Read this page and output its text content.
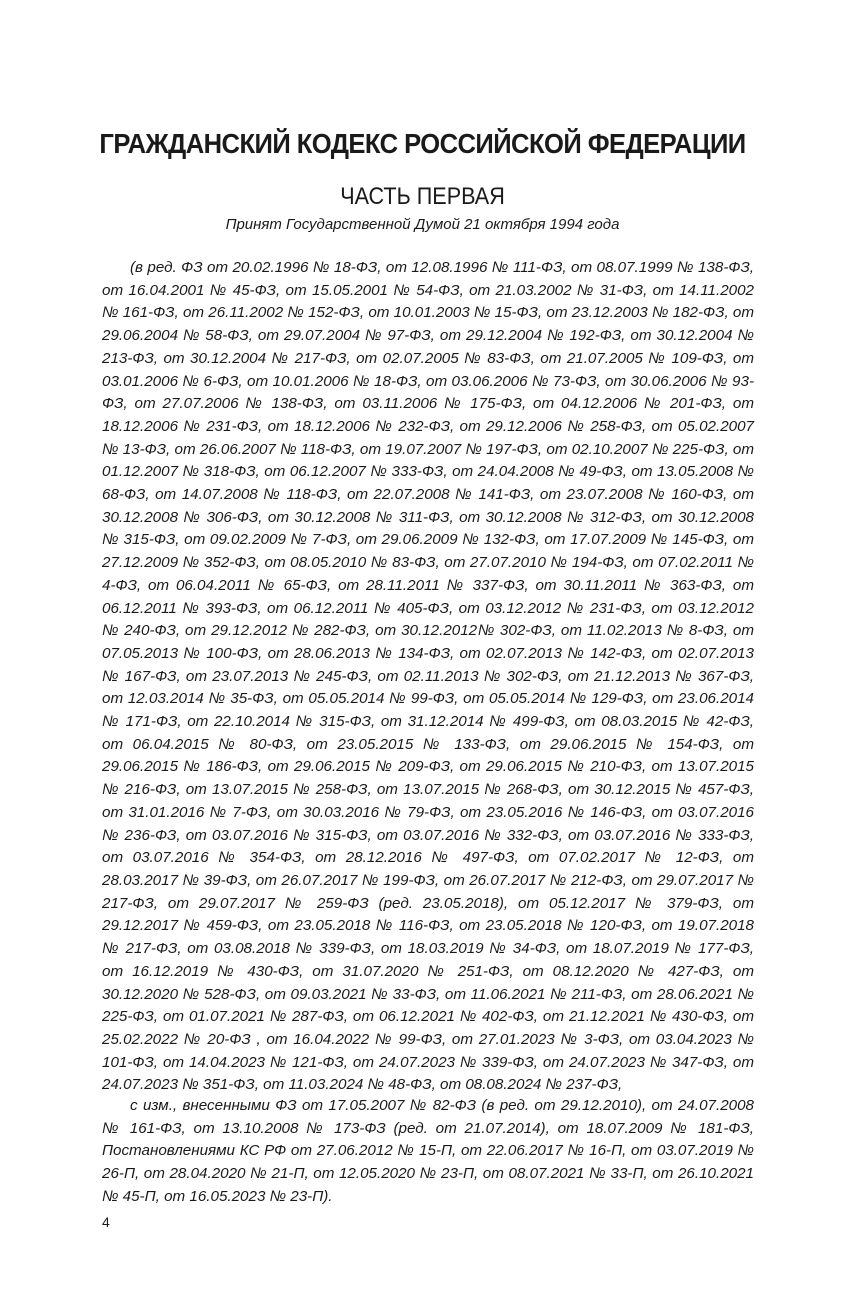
ГРАЖДАНСКИЙ КОДЕКС РОССИЙСКОЙ ФЕДЕРАЦИИ
ЧАСТЬ ПЕРВАЯ
Принят Государственной Думой 21 октября 1994 года

(в ред. ФЗ от 20.02.1996 № 18-ФЗ, от 12.08.1996 № 111-ФЗ, от 08.07.1999 № 138-ФЗ, от 16.04.2001 № 45-ФЗ, от 15.05.2001 № 54-ФЗ, от 21.03.2002 № 31-ФЗ, от 14.11.2002 № 161-ФЗ, от 26.11.2002 № 152-ФЗ, от 10.01.2003 № 15-ФЗ, от 23.12.2003 № 182-ФЗ, от 29.06.2004 № 58-ФЗ, от 29.07.2004 № 97-ФЗ, от 29.12.2004 № 192-ФЗ, от 30.12.2004 № 213-ФЗ, от 30.12.2004 № 217-ФЗ, от 02.07.2005 № 83-ФЗ, от 21.07.2005 № 109-ФЗ, от 03.01.2006 № 6-ФЗ, от 10.01.2006 № 18-ФЗ, от 03.06.2006 № 73-ФЗ, от 30.06.2006 № 93-ФЗ, от 27.07.2006 № 138-ФЗ, от 03.11.2006 № 175-ФЗ, от 04.12.2006 № 201-ФЗ, от 18.12.2006 № 231-ФЗ, от 18.12.2006 № 232-ФЗ, от 29.12.2006 № 258-ФЗ, от 05.02.2007 № 13-ФЗ, от 26.06.2007 № 118-ФЗ, от 19.07.2007 № 197-ФЗ, от 02.10.2007 № 225-ФЗ, от 01.12.2007 № 318-ФЗ, от 06.12.2007 № 333-ФЗ, от 24.04.2008 № 49-ФЗ, от 13.05.2008 № 68-ФЗ, от 14.07.2008 № 118-ФЗ, от 22.07.2008 № 141-ФЗ, от 23.07.2008 № 160-ФЗ, от 30.12.2008 № 306-ФЗ, от 30.12.2008 № 311-ФЗ, от 30.12.2008 № 312-ФЗ, от 30.12.2008 № 315-ФЗ, от 09.02.2009 № 7-ФЗ, от 29.06.2009 № 132-ФЗ, от 17.07.2009 № 145-ФЗ, от 27.12.2009 № 352-ФЗ, от 08.05.2010 № 83-ФЗ, от 27.07.2010 № 194-ФЗ, от 07.02.2011 № 4-ФЗ, от 06.04.2011 № 65-ФЗ, от 28.11.2011 № 337-ФЗ, от 30.11.2011 № 363-ФЗ, от 06.12.2011 № 393-ФЗ, от 06.12.2011 № 405-ФЗ, от 03.12.2012 № 231-ФЗ, от 03.12.2012 № 240-ФЗ, от 29.12.2012 № 282-ФЗ, от 30.12.2012№ 302-ФЗ, от 11.02.2013 № 8-ФЗ, от 07.05.2013 № 100-ФЗ, от 28.06.2013 № 134-ФЗ, от 02.07.2013 № 142-ФЗ, от 02.07.2013 № 167-ФЗ, от 23.07.2013 № 245-ФЗ, от 02.11.2013 № 302-ФЗ, от 21.12.2013 № 367-ФЗ, от 12.03.2014 № 35-ФЗ, от 05.05.2014 № 99-ФЗ, от 05.05.2014 № 129-ФЗ, от 23.06.2014 № 171-ФЗ, от 22.10.2014 № 315-ФЗ, от 31.12.2014 № 499-ФЗ, от 08.03.2015 № 42-ФЗ, от 06.04.2015 № 80-ФЗ, от 23.05.2015 № 133-ФЗ, от 29.06.2015 № 154-ФЗ, от 29.06.2015 № 186-ФЗ, от 29.06.2015 № 209-ФЗ, от 29.06.2015 № 210-ФЗ, от 13.07.2015 № 216-ФЗ, от 13.07.2015 № 258-ФЗ, от 13.07.2015 № 268-ФЗ, от 30.12.2015 № 457-ФЗ, от 31.01.2016 № 7-ФЗ, от 30.03.2016 № 79-ФЗ, от 23.05.2016 № 146-ФЗ, от 03.07.2016 № 236-ФЗ, от 03.07.2016 № 315-ФЗ, от 03.07.2016 № 332-ФЗ, от 03.07.2016 № 333-ФЗ, от 03.07.2016 № 354-ФЗ, от 28.12.2016 № 497-ФЗ, от 07.02.2017 № 12-ФЗ, от 28.03.2017 № 39-ФЗ, от 26.07.2017 № 199-ФЗ, от 26.07.2017 № 212-ФЗ, от 29.07.2017 № 217-ФЗ, от 29.07.2017 № 259-ФЗ (ред. 23.05.2018), от 05.12.2017 № 379-ФЗ, от 29.12.2017 № 459-ФЗ, от 23.05.2018 № 116-ФЗ, от 23.05.2018 № 120-ФЗ, от 19.07.2018 № 217-ФЗ, от 03.08.2018 № 339-ФЗ, от 18.03.2019 № 34-ФЗ, от 18.07.2019 № 177-ФЗ, от 16.12.2019 № 430-ФЗ, от 31.07.2020 № 251-ФЗ, от 08.12.2020 № 427-ФЗ, от 30.12.2020 № 528-ФЗ, от 09.03.2021 № 33-ФЗ, от 11.06.2021 № 211-ФЗ, от 28.06.2021 № 225-ФЗ, от 01.07.2021 № 287-ФЗ, от 06.12.2021 № 402-ФЗ, от 21.12.2021 № 430-ФЗ, от 25.02.2022 № 20-ФЗ , от 16.04.2022 № 99-ФЗ, от 27.01.2023 № 3-ФЗ, от 03.04.2023 № 101-ФЗ, от 14.04.2023 № 121-ФЗ, от 24.07.2023 № 339-ФЗ, от 24.07.2023 № 347-ФЗ, от 24.07.2023 № 351-ФЗ, от 11.03.2024 № 48-ФЗ, от 08.08.2024 № 237-ФЗ,

с изм., внесенными ФЗ от 17.05.2007 № 82-ФЗ (в ред. от 29.12.2010), от 24.07.2008 № 161-ФЗ, от 13.10.2008 № 173-ФЗ (ред. от 21.07.2014), от 18.07.2009 № 181-ФЗ, Постановлениями КС РФ от 27.06.2012 № 15-П, от 22.06.2017 № 16-П, от 03.07.2019 № 26-П, от 28.04.2020 № 21-П, от 12.05.2020 № 23-П, от 08.07.2021 № 33-П, от 26.10.2021 № 45-П, от 16.05.2023 № 23-П).

4
